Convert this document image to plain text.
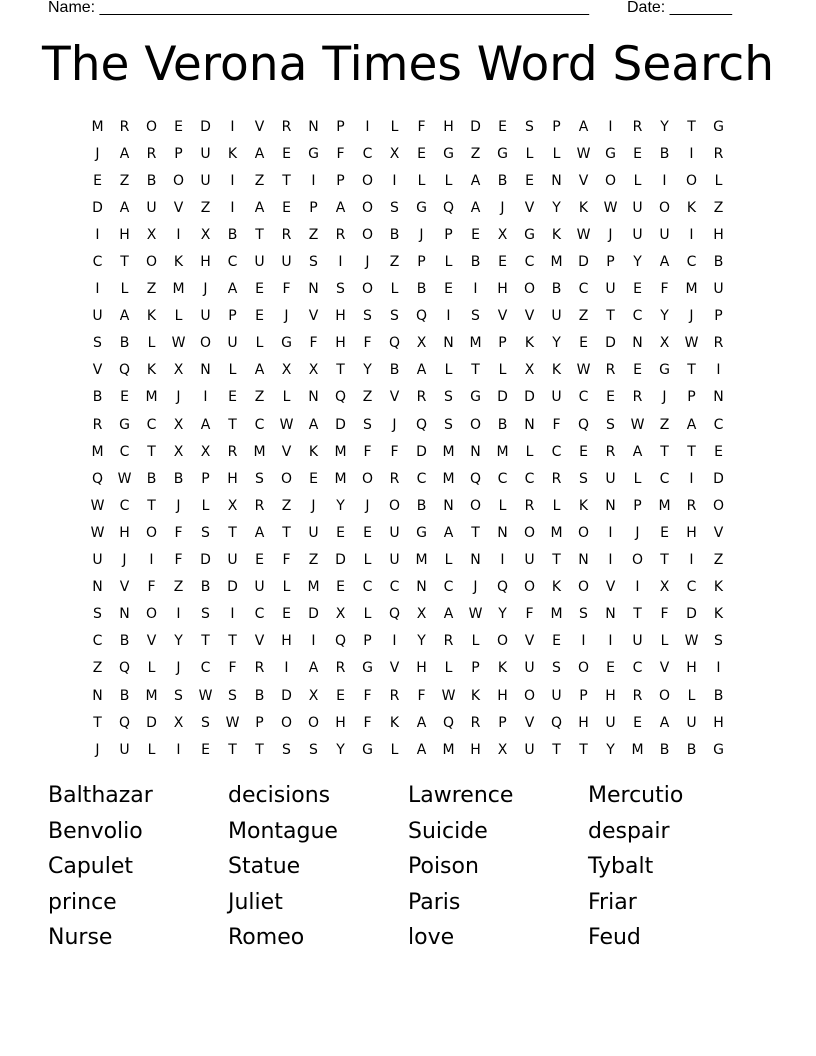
Name: _______________________________________________________ Date: _______
The Verona Times Word Search
M	R	O	E	D	I	V	R	N	P	I	L	F	H	D	E	S	P	A	I	R	Y	T	G
J	A	R	P	U	K	A	E	G	F	C	X	E	G	Z	G	L	L	W	G	E	B	I	R
E	Z	B	O	U	I	Z	T	I	P	O	I	L	L	A	B	E	N	V	O	L	I	O	L
D	A	U	V	Z	I	A	E	P	A	O	S	G	Q	A	J	V	Y	K	W	U	O	K	Z
I	H	X	I	X	B	T	R	Z	R	O	B	J	P	E	X	G	K	W	J	U	U	I	H
C	T	O	K	H	C	U	U	S	I	J	Z	P	L	B	E	C	M	D	P	Y	A	C	B
I	L	Z	M	J	A	E	F	N	S	O	L	B	E	I	H	O	B	C	U	E	F	M	U
U	A	K	L	U	P	E	J	V	H	S	S	Q	I	S	V	V	U	Z	T	C	Y	J	P
S	B	L	W	O	U	L	G	F	H	F	Q	X	N	M	P	K	Y	E	D	N	X	W	R
V	Q	K	X	N	L	A	X	X	T	Y	B	A	L	T	L	X	K	W	R	E	G	T	I
B	E	M	J	I	E	Z	L	N	Q	Z	V	R	S	G	D	D	U	C	E	R	J	P	N
R	G	C	X	A	T	C	W	A	D	S	J	Q	S	O	B	N	F	Q	S	W	Z	A	C
M	C	T	X	X	R	M	V	K	M	F	F	D	M	N	M	L	C	E	R	A	T	T	E
Q	W	B	B	P	H	S	O	E	M	O	R	C	M	Q	C	C	R	S	U	L	C	I	D
W	C	T	J	L	X	R	Z	J	Y	J	O	B	N	O	L	R	L	K	N	P	M	R	O
W	H	O	F	S	T	A	T	U	E	E	U	G	A	T	N	O	M	O	I	J	E	H	V
U	J	I	F	D	U	E	F	Z	D	L	U	M	L	N	I	U	T	N	I	O	T	I	Z
N	V	F	Z	B	D	U	L	M	E	C	C	N	C	J	Q	O	K	O	V	I	X	C	K
S	N	O	I	S	I	C	E	D	X	L	Q	X	A	W	Y	F	M	S	N	T	F	D	K
C	B	V	Y	T	T	V	H	I	Q	P	I	Y	R	L	O	V	E	I	I	U	L	W	S
Z	Q	L	J	C	F	R	I	A	R	G	V	H	L	P	K	U	S	O	E	C	V	H	I
N	B	M	S	W	S	B	D	X	E	F	R	F	W	K	H	O	U	P	H	R	O	L	B
T	Q	D	X	S	W	P	O	O	H	F	K	A	Q	R	P	V	Q	H	U	E	A	U	H
J	U	L	I	E	T	T	S	S	Y	G	L	A	M	H	X	U	T	T	Y	M	B	B	G
Balthazar	decisions	Lawrence	Mercutio
Benvolio	Montague	Suicide	despair
Capulet	Statue	Poison	Tybalt
prince	Juliet	Paris	Friar
Nurse	Romeo	love	Feud
